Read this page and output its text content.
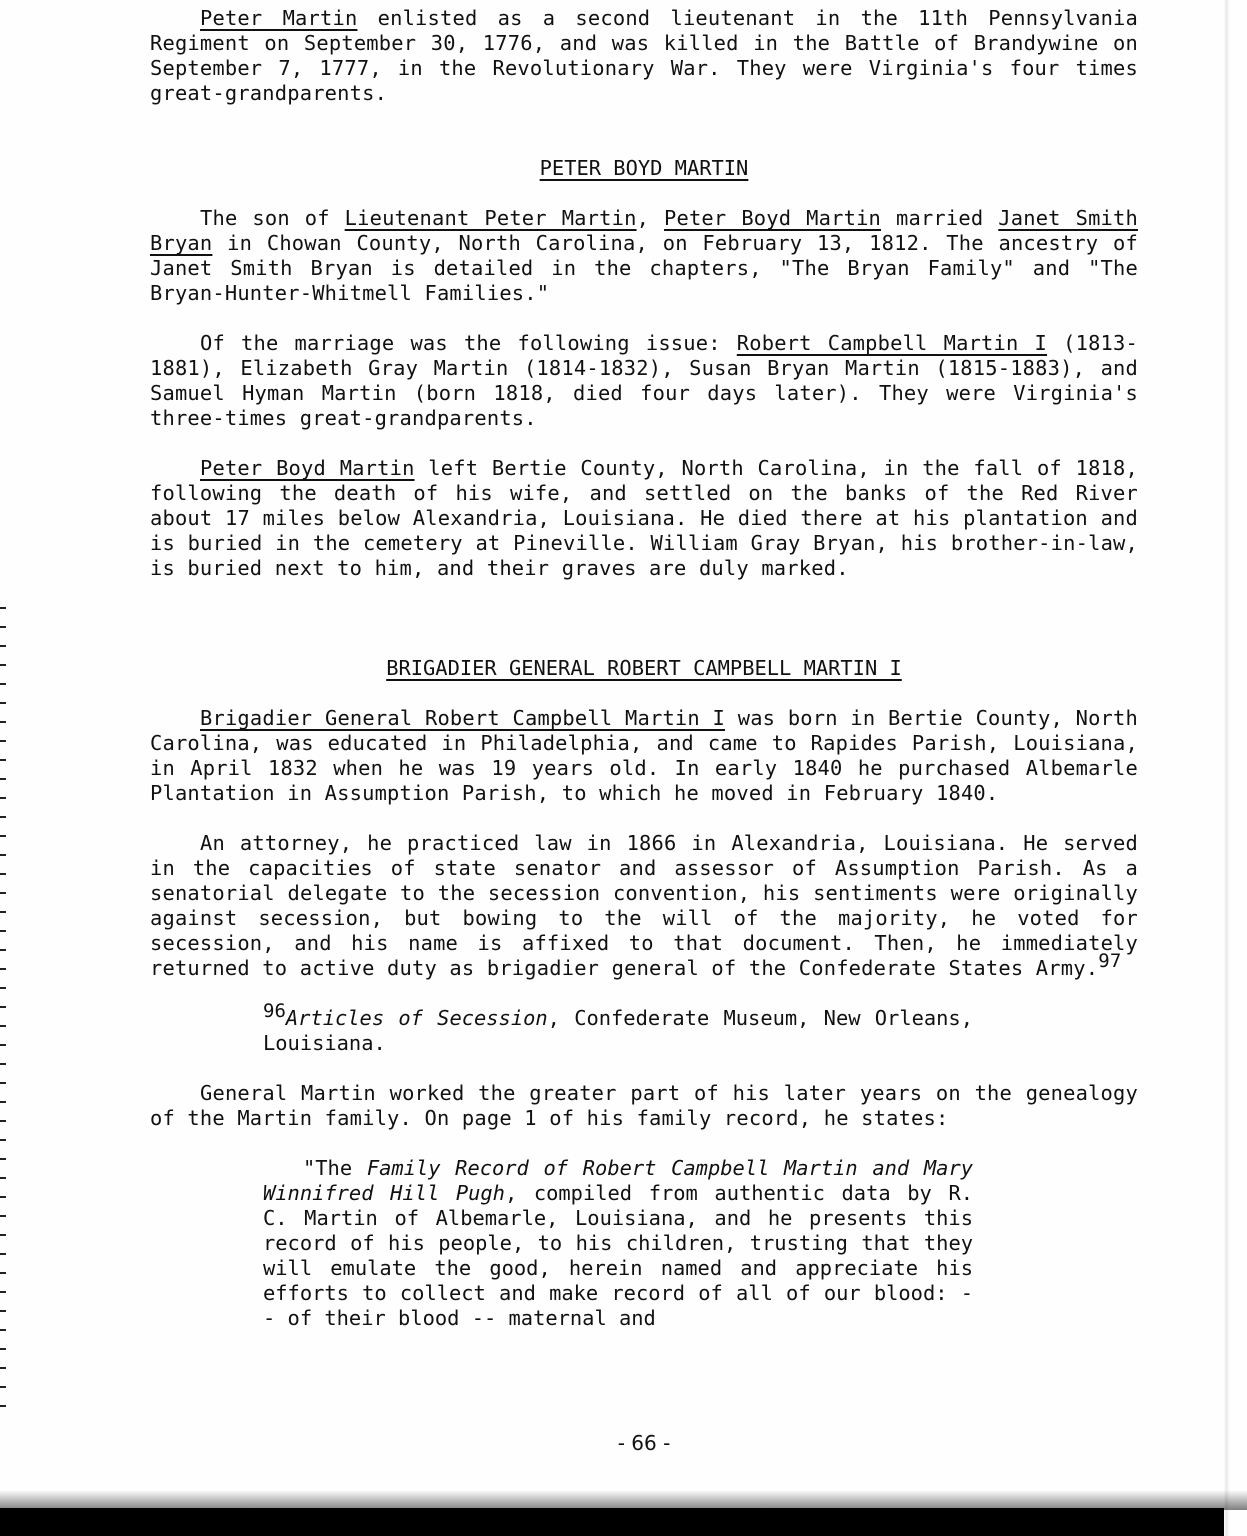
Peter Martin enlisted as a second lieutenant in the 11th Pennsylvania Regiment on September 30, 1776, and was killed in the Battle of Brandywine on September 7, 1777, in the Revolutionary War. They were Virginia's four times great-grandparents.

PETER BOYD MARTIN

The son of Lieutenant Peter Martin, Peter Boyd Martin married Janet Smith Bryan in Chowan County, North Carolina, on February 13, 1812. The ancestry of Janet Smith Bryan is detailed in the chapters, "The Bryan Family" and "The Bryan-Hunter-Whitmell Families."

Of the marriage was the following issue: Robert Campbell Martin I (1813-1881), Elizabeth Gray Martin (1814-1832), Susan Bryan Martin (1815-1883), and Samuel Hyman Martin (born 1818, died four days later). They were Virginia's three-times great-grandparents.

Peter Boyd Martin left Bertie County, North Carolina, in the fall of 1818, following the death of his wife, and settled on the banks of the Red River about 17 miles below Alexandria, Louisiana. He died there at his plantation and is buried in the cemetery at Pineville. William Gray Bryan, his brother-in-law, is buried next to him, and their graves are duly marked.

BRIGADIER GENERAL ROBERT CAMPBELL MARTIN I

Brigadier General Robert Campbell Martin I was born in Bertie County, North Carolina, was educated in Philadelphia, and came to Rapides Parish, Louisiana, in April 1832 when he was 19 years old. In early 1840 he purchased Albemarle Plantation in Assumption Parish, to which he moved in February 1840.

An attorney, he practiced law in 1866 in Alexandria, Louisiana. He served in the capacities of state senator and assessor of Assumption Parish. As a senatorial delegate to the secession convention, his sentiments were originally against secession, but bowing to the will of the majority, he voted for secession, and his name is affixed to that document. Then, he immediately returned to active duty as brigadier general of the Confederate States Army.$^{97}$

$^{96}$Articles of Secession, Confederate Museum, New Orleans, Louisiana.

General Martin worked the greater part of his later years on the genealogy of the Martin family. On page 1 of his family record, he states:

"The Family Record of Robert Campbell Martin and Mary Winnifred Hill Pugh, compiled from authentic data by R. C. Martin of Albemarle, Louisiana, and he presents this record of his people, to his children, trusting that they will emulate the good, herein named and appreciate his efforts to collect and make record of all of our blood: -- of their blood -- maternal and

- 66 -
